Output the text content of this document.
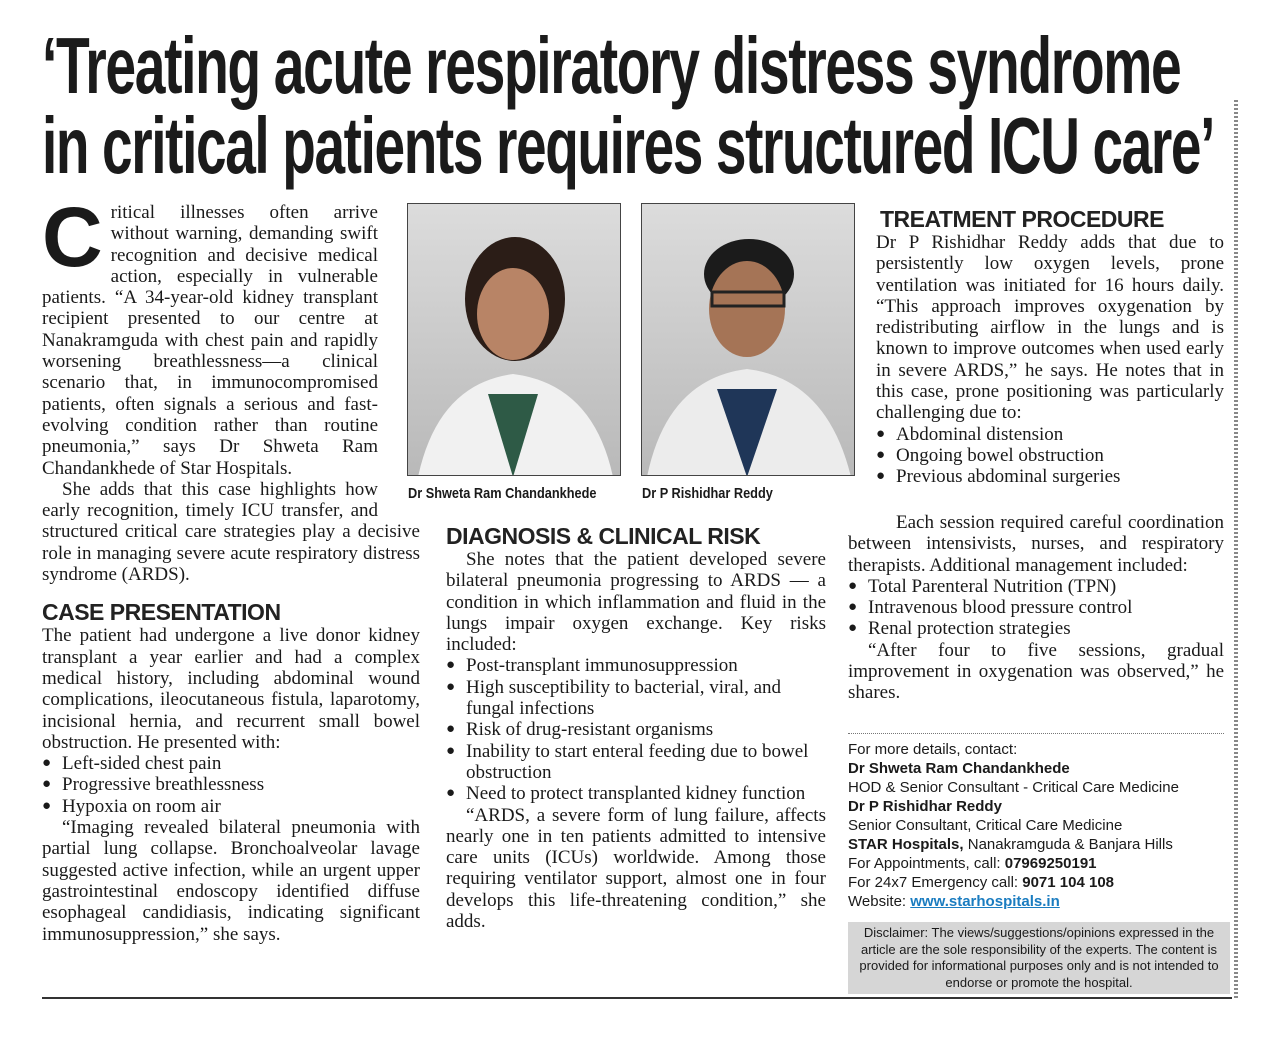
‘Treating acute respiratory distress syndrome
in critical patients requires structured ICU care’

Critical illnesses often arrive without warning, demanding swift recognition and decisive medical action, especially in vulnerable patients. “A 34-year-old kidney transplant recipient presented to our centre at Nanakramguda with chest pain and rapidly worsening breathlessness—a clinical scenario that, in immunocompromised patients, often signals a serious and fast-evolving condition rather than routine pneumonia,” says Dr Shweta Ram Chandankhede of Star Hospitals.

She adds that this case highlights how early recognition, timely ICU transfer, and structured critical care strategies play a decisive role in managing severe acute respiratory distress syndrome (ARDS).

CASE PRESENTATION

The patient had undergone a live donor kidney transplant a year earlier and had a complex medical history, including abdominal wound complications, ileocutaneous fistula, laparotomy, incisional hernia, and recurrent small bowel obstruction. He presented with:

● Left-sided chest pain
● Progressive breathlessness
● Hypoxia on room air

“Imaging revealed bilateral pneumonia with partial lung collapse. Bronchoalveolar lavage suggested active infection, while an urgent upper gastrointestinal endoscopy identified diffuse esophageal candidiasis, indicating significant immunosuppression,” she says.

Dr Shweta Ram Chandankhede	Dr P Rishidhar Reddy
DIAGNOSIS & CLINICAL RISK

She notes that the patient developed severe bilateral pneumonia progressing to ARDS — a condition in which inflammation and fluid in the lungs impair oxygen exchange. Key risks included:

● Post-transplant immunosuppression
● High susceptibility to bacterial, viral, and fungal infections
● Risk of drug-resistant organisms
● Inability to start enteral feeding due to bowel obstruction
● Need to protect transplanted kidney function

“ARDS, a severe form of lung failure, affects nearly one in ten patients admitted to intensive care units (ICUs) worldwide. Among those requiring ventilator support, almost one in four develops this life-threatening condition,” she adds.

TREATMENT PROCEDURE

Dr P Rishidhar Reddy adds that due to persistently low oxygen levels, prone ventilation was initiated for 16 hours daily. “This approach improves oxygenation by redistributing airflow in the lungs and is known to improve outcomes when used early in severe ARDS,” he says. He notes that in this case, prone positioning was particularly challenging due to:

● Abdominal distension
● Ongoing bowel obstruction
● Previous abdominal surgeries

Each session required careful coordination between intensivists, nurses, and respiratory therapists. Additional management included:

● Total Parenteral Nutrition (TPN)
● Intravenous blood pressure control
● Renal protection strategies

“After four to five sessions, gradual improvement in oxygenation was observed,” he shares.

For more details, contact:
Dr Shweta Ram Chandankhede
HOD & Senior Consultant - Critical Care Medicine
Dr P Rishidhar Reddy
Senior Consultant, Critical Care Medicine
STAR Hospitals, Nanakramguda & Banjara Hills
For Appointments, call: 07969250191
For 24x7 Emergency call: 9071 104 108
Website: www.starhospitals.in
Disclaimer: The views/suggestions/opinions expressed in the article are the sole responsibility of the experts. The content is provided for informational purposes only and is not intended to endorse or promote the hospital.
